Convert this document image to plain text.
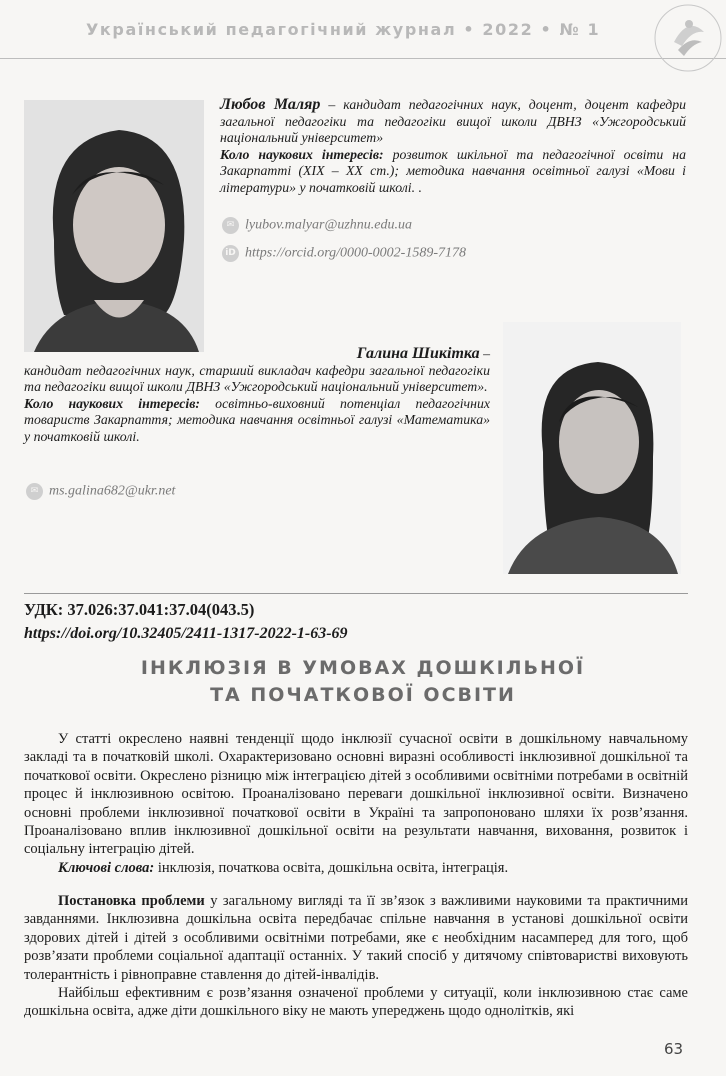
Український педагогічний журнал • 2022 • № 1
Любов Маляр – кандидат педагогічних наук, доцент, доцент кафедри загальної педагогіки та педагогіки вищої школи ДВНЗ «Ужгородський національний університет»
Коло наукових інтересів: розвиток шкільної та педагогічної освіти на Закарпатті (XIX – XX ст.); методика навчання освітньої галузі «Мови і літератури» у початковій школі. .
✉ lyubov.malyar@uzhnu.edu.ua
iD https://orcid.org/0000-0002-1589-7178
Галина Шикітка –
кандидат педагогічних наук, старший викладач кафедри загальної педагогіки та педагогіки вищої школи ДВНЗ «Ужгородський національний університет».
Коло наукових інтересів: освітньо-виховний потенціал педагогічних товариств Закарпаття; методика навчання освітньої галузі «Математика» у початковій школі.
✉ ms.galina682@ukr.net
УДК: 37.026:37.041:37.04(043.5)
https://doi.org/10.32405/2411-1317-2022-1-63-69
ІНКЛЮЗІЯ В УМОВАХ ДОШКІЛЬНОЇ
ТА ПОЧАТКОВОЇ ОСВІТИ

У статті окреслено наявні тенденції щодо інклюзії сучасної освіти в дошкільному навчальному закладі та в початковій школі. Охарактеризовано основні виразні особливості інклюзивної дошкільної та початкової освіти. Окреслено різницю між інтеграцією дітей з особливими освітніми потребами в освітній процес й інклюзивною освітою. Проаналізовано переваги дошкільної інклюзивної освіти. Визначено основні проблеми інклюзивної початкової освіти в Україні та запропоновано шляхи їх розв’язання. Проаналізовано вплив інклюзивної дошкільної освіти на результати навчання, виховання, розвиток і соціальну інтеграцію дітей.

Ключові слова: інклюзія, початкова освіта, дошкільна освіта, інтеграція.

Постановка проблеми у загальному вигляді та її зв’язок з важливими науковими та практичними завданнями. Інклюзивна дошкільна освіта передбачає спільне навчання в установі дошкільної освіти здорових дітей і дітей з особливими освітніми потребами, яке є необхідним насамперед для того, щоб розв’язати проблеми соціальної адаптації останніх. У такий спосіб у дитячому співтоваристві виховують толерантність і рівноправне ставлення до дітей-інвалідів.

Найбільш ефективним є розв’язання означеної проблеми у ситуації, коли інклюзивною стає саме дошкільна освіта, адже діти дошкільного віку не мають упереджень щодо однолітків, які

63
